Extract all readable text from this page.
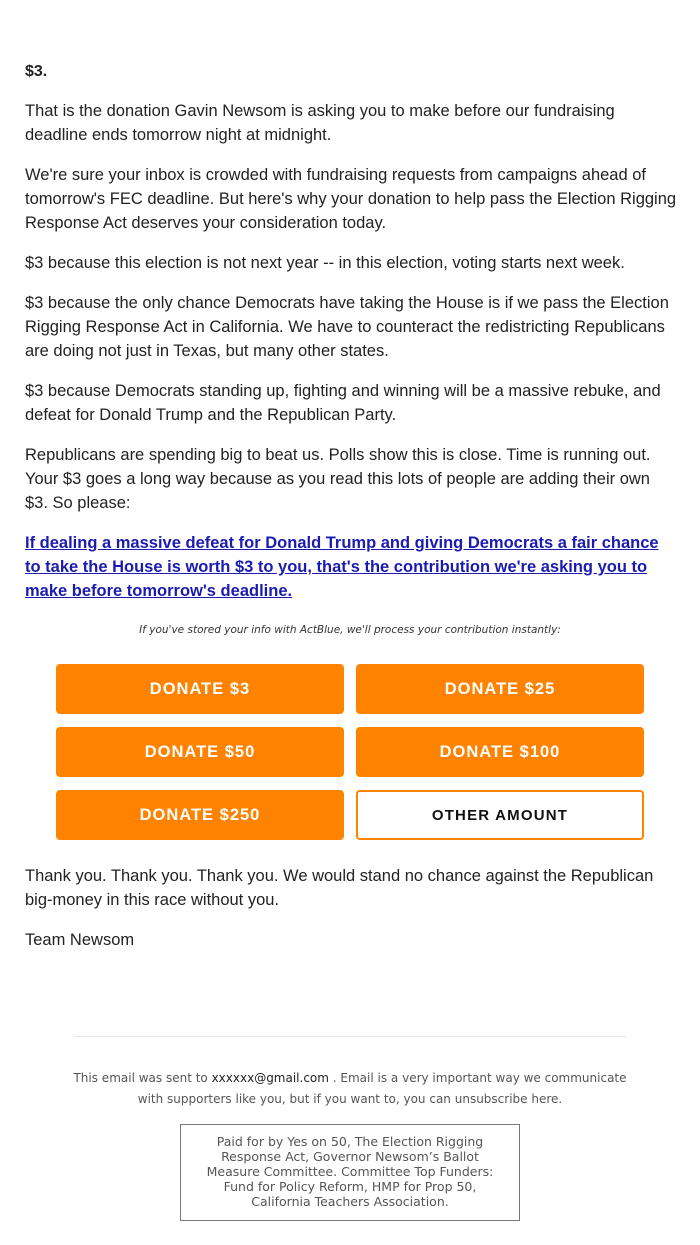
$3.

That is the donation Gavin Newsom is asking you to make before our fundraising deadline ends tomorrow night at midnight.

We're sure your inbox is crowded with fundraising requests from campaigns ahead of tomorrow's FEC deadline. But here's why your donation to help pass the Election Rigging Response Act deserves your consideration today.

$3 because this election is not next year -- in this election, voting starts next week.

$3 because the only chance Democrats have taking the House is if we pass the Election Rigging Response Act in California. We have to counteract the redistricting Republicans are doing not just in Texas, but many other states.

$3 because Democrats standing up, fighting and winning will be a massive rebuke, and defeat for Donald Trump and the Republican Party.

Republicans are spending big to beat us. Polls show this is close. Time is running out. Your $3 goes a long way because as you read this lots of people are adding their own $3. So please:

If dealing a massive defeat for Donald Trump and giving Democrats a fair chance to take the House is worth $3 to you, that's the contribution we're asking you to make before tomorrow's deadline.
If you've stored your info with ActBlue, we'll process your contribution instantly:
DONATE $3	DONATE $25
DONATE $50	DONATE $100
DONATE $250	OTHER AMOUNT

Thank you. Thank you. Thank you. We would stand no chance against the Republican big-money in this race without you.

Team Newsom

This email was sent to xxxxxx@gmail.com . Email is a very important way we communicate with supporters like you, but if you want to, you can unsubscribe here.
Paid for by Yes on 50, The Election Rigging Response Act, Governor Newsom’s Ballot Measure Committee. Committee Top Funders: Fund for Policy Reform, HMP for Prop 50, California Teachers Association.
